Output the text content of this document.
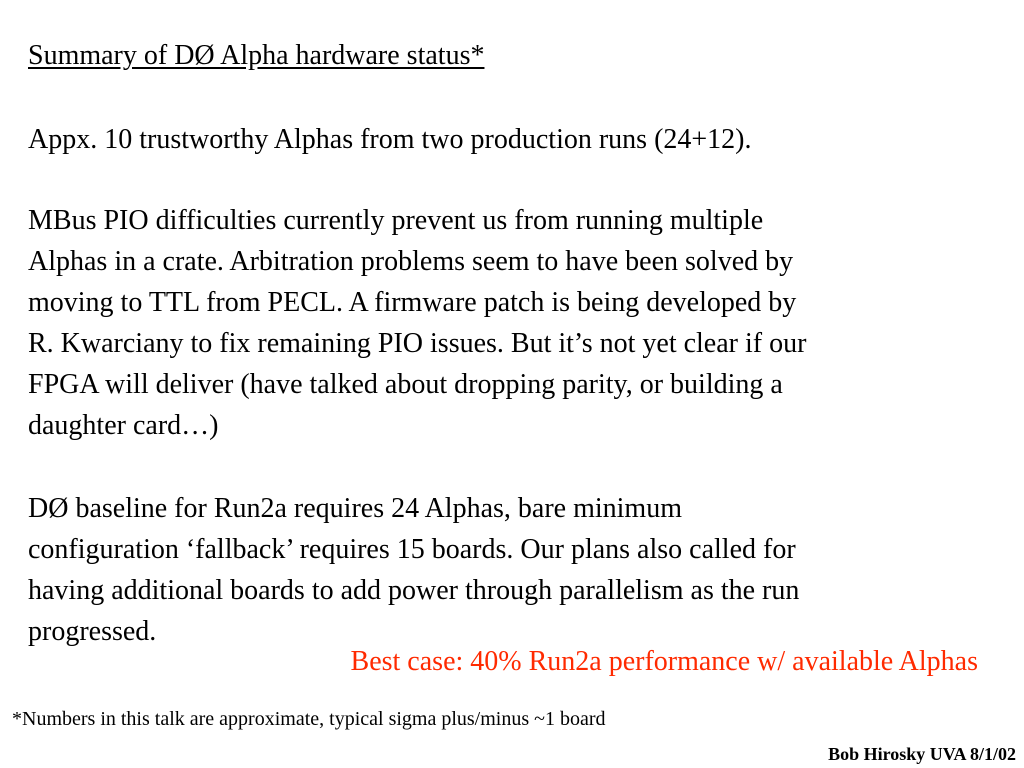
Summary of DØ Alpha hardware status*
Appx. 10 trustworthy Alphas from two production runs (24+12).
MBus PIO difficulties currently prevent us from running multiple
Alphas in a crate. Arbitration problems seem to have been solved by
moving to TTL from PECL. A firmware patch is being developed by
R. Kwarciany to fix remaining PIO issues. But it’s not yet clear if our
FPGA will deliver (have talked about dropping parity, or building a
daughter card…)
DØ baseline for Run2a requires 24 Alphas, bare minimum
configuration ‘fallback’ requires 15 boards. Our plans also called for
having additional boards to add power through parallelism as the run
progressed.
Best case: 40% Run2a performance w/ available Alphas
*Numbers in this talk are approximate, typical sigma plus/minus ~1 board
Bob Hirosky UVA 8/1/02
